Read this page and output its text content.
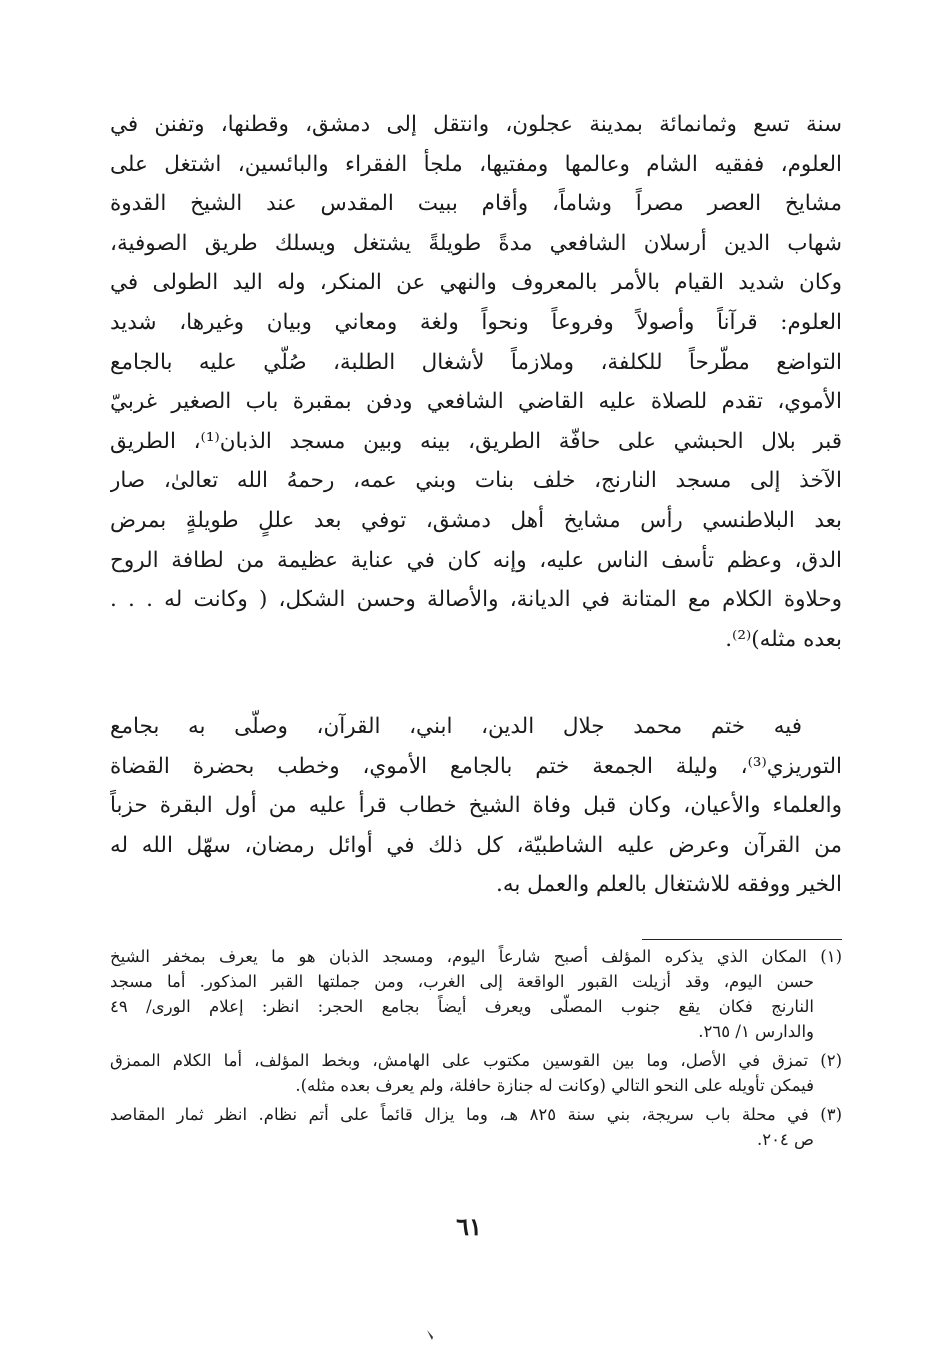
سنة تسع وثمانمائة بمدينة عجلون، وانتقل إلى دمشق، وقطنها، وتفنن في
العلوم، ففقيه الشام وعالمها ومفتيها، ملجأ الفقراء والبائسين، اشتغل على
مشايخ العصر مصراً وشاماً، وأقام ببيت المقدس عند الشيخ القدوة
شهاب الدين أرسلان الشافعي مدةً طويلةً يشتغل ويسلك طريق الصوفية،
وكان شديد القيام بالأمر بالمعروف والنهي عن المنكر، وله اليد الطولى في
العلوم: قرآناً وأصولاً وفروعاً ونحواً ولغة ومعاني وبيان وغيرها، شديد
التواضع مطّرحاً للكلفة، وملازماً لأشغال الطلبة، صُلّي عليه بالجامع
الأموي، تقدم للصلاة عليه القاضي الشافعي ودفن بمقبرة باب الصغير غربيّ
قبر بلال الحبشي على حافّة الطريق، بينه وبين مسجد الذبان⁽¹⁾، الطريق
الآخذ إلى مسجد النارنج، خلف بنات وبني عمه، رحمهُ الله تعالىٰ، صار
بعد البلاطنسي رأس مشايخ أهل دمشق، توفي بعد عللٍ طويلةٍ بمرض
الدق، وعظم تأسف الناس عليه، وإنه كان في عناية عظيمة من لطافة الروح
وحلاوة الكلام مع المتانة في الديانة، والأصالة وحسن الشكل، ( وكانت له . . .
بعده مثله)⁽²⁾.
فيه ختم محمد جلال الدين، ابني، القرآن، وصلّى به بجامع
التوريزي⁽³⁾، وليلة الجمعة ختم بالجامع الأموي، وخطب بحضرة القضاة
والعلماء والأعيان، وكان قبل وفاة الشيخ خطاب قرأ عليه من أول البقرة حزباً
من القرآن وعرض عليه الشاطبيّة، كل ذلك في أوائل رمضان، سهّل الله له
الخير ووفقه للاشتغال بالعلم والعمل به.
(١) المكان الذي يذكره المؤلف أصبح شارعاً اليوم، ومسجد الذبان هو ما يعرف بمخفر الشيخ
حسن اليوم، وقد أزيلت القبور الواقعة إلى الغرب، ومن جملتها القبر المذكور. أما مسجد
النارنج فكان يقع جنوب المصلّى ويعرف أيضاً بجامع الحجر: انظر: إعلام الورى/ ٤٩
والدارس ١/ ٢٦٥.
(٢) تمزق في الأصل، وما بين القوسين مكتوب على الهامش، وبخط المؤلف، أما الكلام الممزق
فيمكن تأويله على النحو التالي (وكانت له جنازة حافلة، ولم يعرف بعده مثله).
(٣) في محلة باب سريجة، بني سنة ٨٢٥ هـ، وما يزال قائماً على أتم نظام. انظر ثمار المقاصد
ص ٢٠٤.
٦١
